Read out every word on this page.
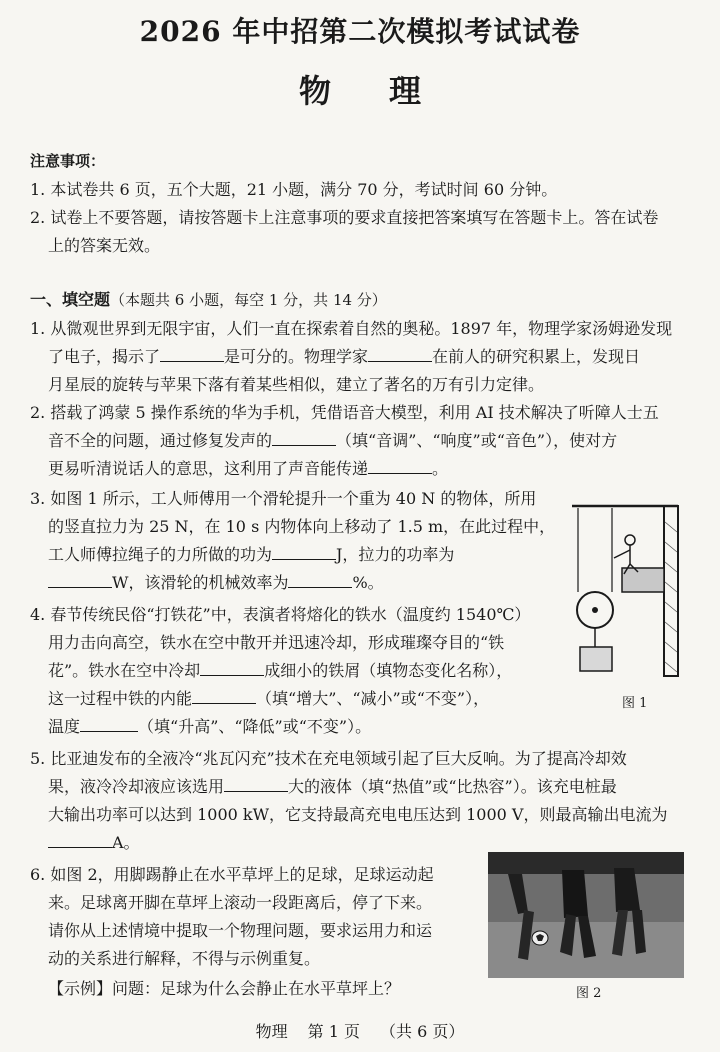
2026 年中招第二次模拟考试试卷
物理
注意事项：
1. 本试卷共 6 页，五个大题，21 小题，满分 70 分，考试时间 60 分钟。
2. 试卷上不要答题，请按答题卡上注意事项的要求直接把答案填写在答题卡上。答在试卷
上的答案无效。
一、填空题（本题共 6 小题，每空 1 分，共 14 分）
1. 从微观世界到无限宇宙，人们一直在探索着自然的奥秘。1897 年，物理学家汤姆逊发现
了电子，揭示了	是可分的。物理学家	在前人的研究积累上，发现日
月星辰的旋转与苹果下落有着某些相似，建立了著名的万有引力定律。
2. 搭载了鸿蒙 5 操作系统的华为手机，凭借语音大模型，利用 AI 技术解决了听障人士五
音不全的问题，通过修复发声的	（填“音调”、“响度”或“音色”），使对方
更易听清说话人的意思，这利用了声音能传递	。
3. 如图 1 所示，工人师傅用一个滑轮提升一个重为 40 N 的物体，所用
的竖直拉力为 25 N，在 10 s 内物体向上移动了 1.5 m，在此过程中，
工人师傅拉绳子的力所做的功为	J，拉力的功率为
W，该滑轮的机械效率为	%。
图 1
4. 春节传统民俗“打铁花”中，表演者将熔化的铁水（温度约 1540℃）
用力击向高空，铁水在空中散开并迅速冷却，形成璀璨夺目的“铁
花”。铁水在空中冷却	成细小的铁屑（填物态变化名称），
这一过程中铁的内能	（填“增大”、“减小”或“不变”），
温度	（填“升高”、“降低”或“不变”）。
5. 比亚迪发布的全液冷“兆瓦闪充”技术在充电领域引起了巨大反响。为了提高冷却效
果，液冷冷却液应该选用	大的液体（填“热值”或“比热容”）。该充电桩最
大输出功率可以达到 1000 kW，它支持最高充电电压达到 1000 V，则最高输出电流为
A。
6. 如图 2，用脚踢静止在水平草坪上的足球，足球运动起
来。足球离开脚在草坪上滚动一段距离后，停了下来。
请你从上述情境中提取一个物理问题，要求运用力和运
动的关系进行解释，不得与示例重复。
【示例】问题：足球为什么会静止在水平草坪上？	图 2
物理 第 1 页 （共 6 页）
